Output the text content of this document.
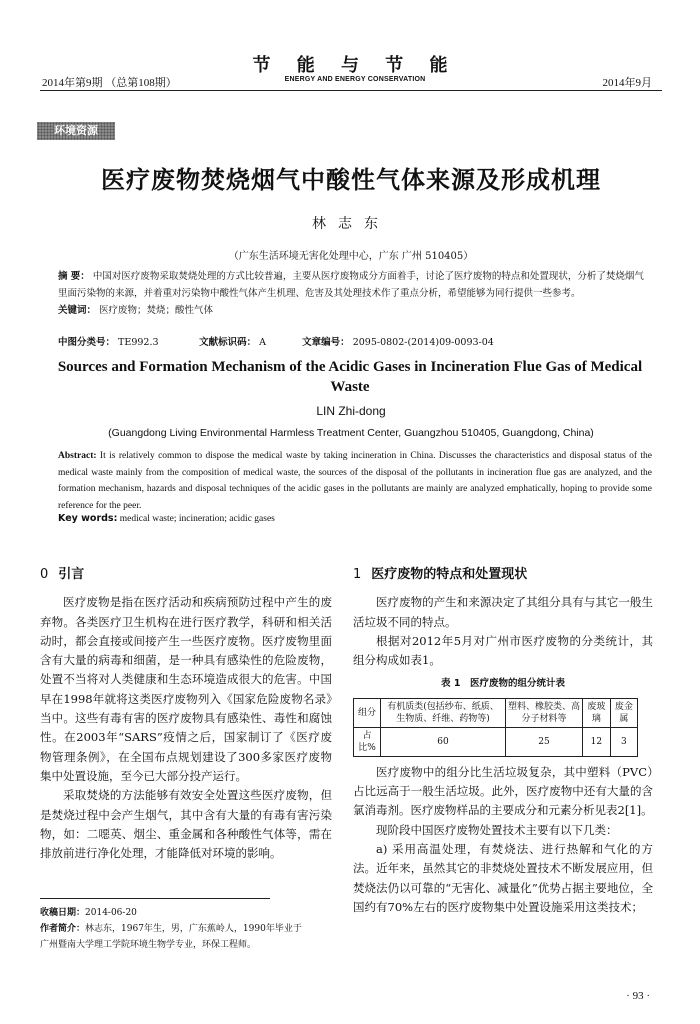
2014年第9期 （总第108期）
节 能 与 节 能
ENERGY AND ENERGY CONSERVATION	2014年9月
环境资源
医疗废物焚烧烟气中酸性气体来源及形成机理
林志东
（广东生活环境无害化处理中心，广东 广州 510405）
摘 要： 中国对医疗废物采取焚烧处理的方式比较普遍，主要从医疗废物成分方面着手，讨论了医疗废物的特点和处置现状，分析了焚烧烟气里面污染物的来源，并着重对污染物中酸性气体产生机理、危害及其处理技术作了重点分析，希望能够为同行提供一些参考。
关键词： 医疗废物；焚烧；酸性气体
中图分类号： TE992.3	文献标识码： A	文章编号： 2095-0802-(2014)09-0093-04
Sources and Formation Mechanism of the Acidic Gases in Incineration Flue Gas of Medical Waste
LIN Zhi-dong
(Guangdong Living Environmental Harmless Treatment Center, Guangzhou 510405, Guangdong, China)
Abstract: It is relatively common to dispose the medical waste by taking incineration in China. Discusses the characteristics and disposal status of the medical waste mainly from the composition of medical waste, the sources of the disposal of the pollutants in incineration flue gas are analyzed, and the formation mechanism, hazards and disposal techniques of the acidic gases in the pollutants are mainly are analyzed emphatically, hoping to provide some reference for the peer.
Key words: medical waste; incineration; acidic gases
0 引言

医疗废物是指在医疗活动和疾病预防过程中产生的废弃物。各类医疗卫生机构在进行医疗教学，科研和相关活动时，都会直接或间接产生一些医疗废物。医疗废物里面含有大量的病毒和细菌，是一种具有感染性的危险废物，处置不当将对人类健康和生态环境造成很大的危害。中国早在1998年就将这类医疗废物列入《国家危险废物名录》当中。这些有毒有害的医疗废物具有感染性、毒性和腐蚀性。在2003年“SARS”疫情之后，国家制订了《医疗废物管理条例》，在全国布点规划建设了300多家医疗废物集中处置设施，至今已大部分投产运行。

采取焚烧的方法能够有效安全处置这些医疗废物，但是焚烧过程中会产生烟气，其中含有大量的有毒有害污染物，如：二噁英、烟尘、重金属和各种酸性气体等，需在排放前进行净化处理，才能降低对环境的影响。

1 医疗废物的特点和处置现状

医疗废物的产生和来源决定了其组分具有与其它一般生活垃圾不同的特点。

根据对2012年5月对广州市医疗废物的分类统计，其组分构成如表1。

表 1　医疗废物的组分统计表
组分	有机质类(包括纱布、纸质、生物质、纤维、药物等)	塑料、橡胶类、高分子材料等	废玻璃	废金属
占比%	60	25	12	3

医疗废物中的组分比生活垃圾复杂，其中塑料（PVC）占比远高于一般生活垃圾。此外，医疗废物中还有大量的含氯消毒剂。医疗废物样品的主要成分和元素分析见表2[1]。

现阶段中国医疗废物处置技术主要有以下几类：

a) 采用高温处理，有焚烧法、进行热解和气化的方法。近年来，虽然其它的非焚烧处置技术不断发展应用，但焚烧法仍以可靠的“无害化、减量化”优势占据主要地位，全国约有70%左右的医疗废物集中处置设施采用这类技术；

收稿日期：2014-06-20
作者简介：林志东，1967年生，男，广东蕉岭人，1990年毕业于广州暨南大学理工学院环境生物学专业，环保工程师。
· 93 ·
